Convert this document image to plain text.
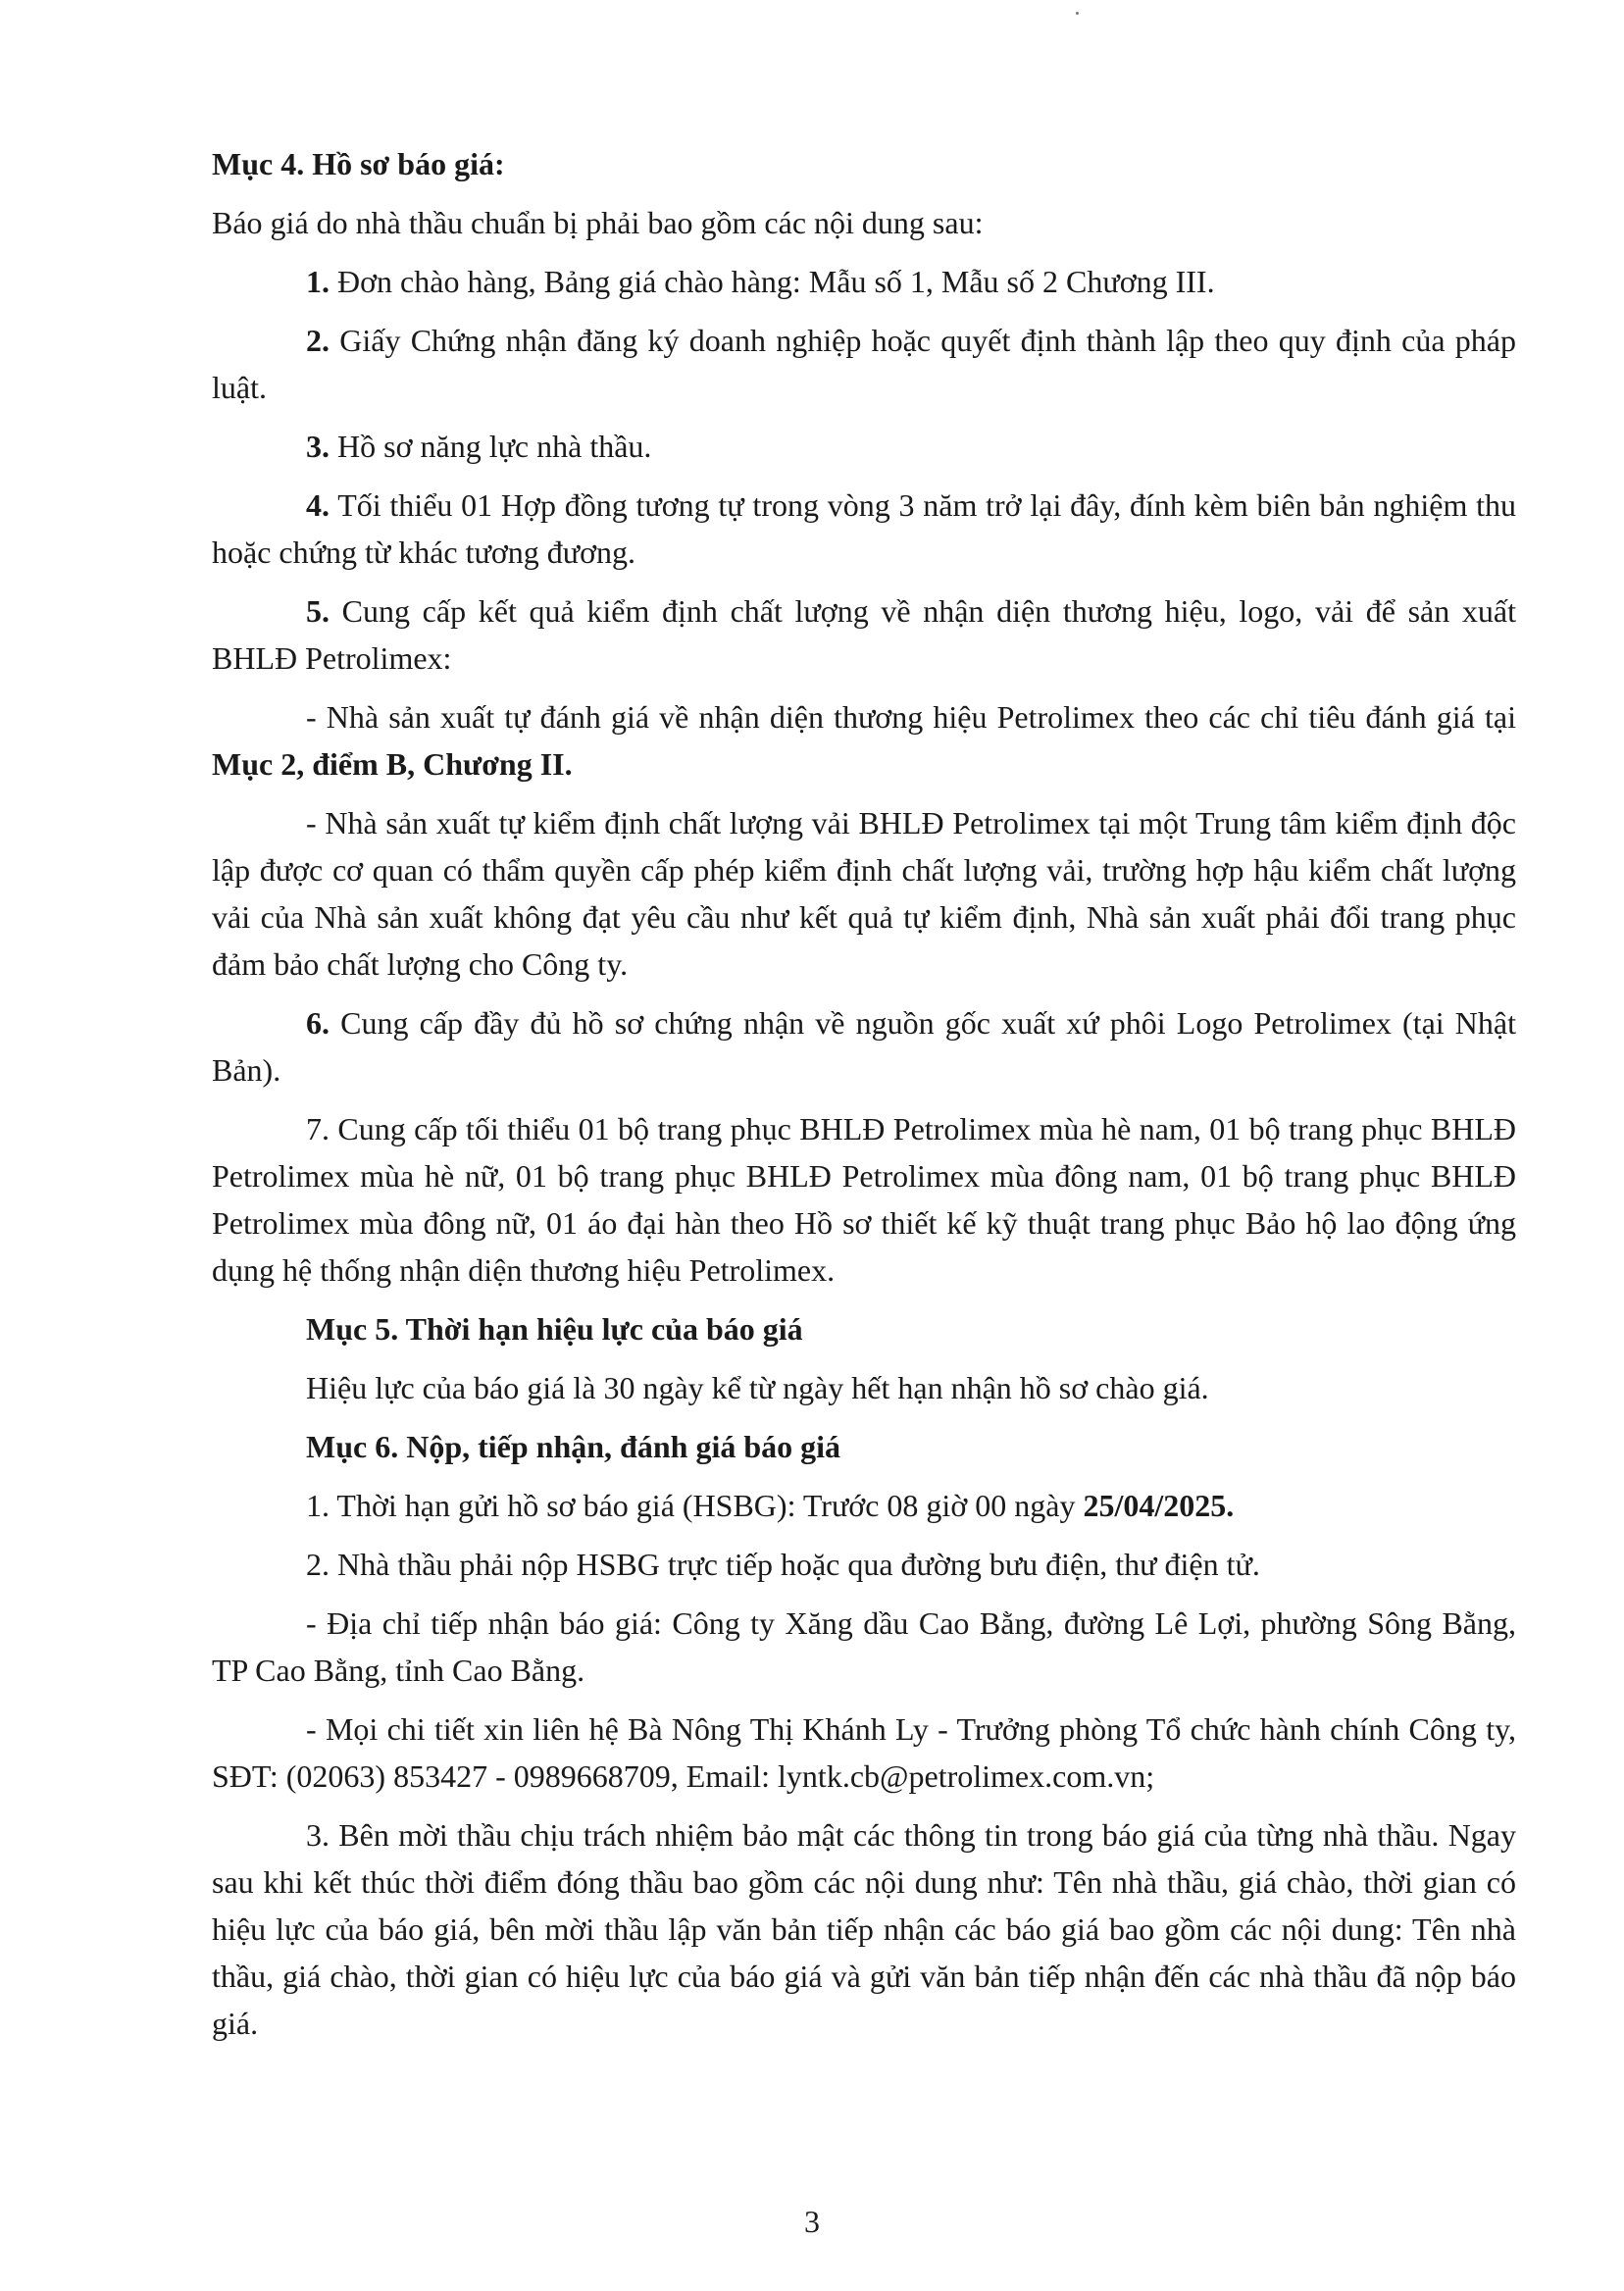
Mục 4. Hồ sơ báo giá:

Báo giá do nhà thầu chuẩn bị phải bao gồm các nội dung sau:

1. Đơn chào hàng, Bảng giá chào hàng: Mẫu số 1, Mẫu số 2 Chương III.

2. Giấy Chứng nhận đăng ký doanh nghiệp hoặc quyết định thành lập theo quy định của pháp luật.

3. Hồ sơ năng lực nhà thầu.

4. Tối thiểu 01 Hợp đồng tương tự trong vòng 3 năm trở lại đây, đính kèm biên bản nghiệm thu hoặc chứng từ khác tương đương.

5. Cung cấp kết quả kiểm định chất lượng về nhận diện thương hiệu, logo, vải để sản xuất BHLĐ Petrolimex:

- Nhà sản xuất tự đánh giá về nhận diện thương hiệu Petrolimex theo các chỉ tiêu đánh giá tại Mục 2, điểm B, Chương II.

- Nhà sản xuất tự kiểm định chất lượng vải BHLĐ Petrolimex tại một Trung tâm kiểm định độc lập được cơ quan có thẩm quyền cấp phép kiểm định chất lượng vải, trường hợp hậu kiểm chất lượng vải của Nhà sản xuất không đạt yêu cầu như kết quả tự kiểm định, Nhà sản xuất phải đổi trang phục đảm bảo chất lượng cho Công ty.

6. Cung cấp đầy đủ hồ sơ chứng nhận về nguồn gốc xuất xứ phôi Logo Petrolimex (tại Nhật Bản).

7. Cung cấp tối thiểu 01 bộ trang phục BHLĐ Petrolimex mùa hè nam, 01 bộ trang phục BHLĐ Petrolimex mùa hè nữ, 01 bộ trang phục BHLĐ Petrolimex mùa đông nam, 01 bộ trang phục BHLĐ Petrolimex mùa đông nữ, 01 áo đại hàn theo Hồ sơ thiết kế kỹ thuật trang phục Bảo hộ lao động ứng dụng hệ thống nhận diện thương hiệu Petrolimex.

Mục 5. Thời hạn hiệu lực của báo giá

Hiệu lực của báo giá là 30 ngày kể từ ngày hết hạn nhận hồ sơ chào giá.

Mục 6. Nộp, tiếp nhận, đánh giá báo giá

1. Thời hạn gửi hồ sơ báo giá (HSBG): Trước 08 giờ 00 ngày 25/04/2025.

2. Nhà thầu phải nộp HSBG trực tiếp hoặc qua đường bưu điện, thư điện tử.

- Địa chỉ tiếp nhận báo giá: Công ty Xăng dầu Cao Bằng, đường Lê Lợi, phường Sông Bằng, TP Cao Bằng, tỉnh Cao Bằng.

- Mọi chi tiết xin liên hệ Bà Nông Thị Khánh Ly - Trưởng phòng Tổ chức hành chính Công ty, SĐT: (02063) 853427 - 0989668709, Email: lyntk.cb@petrolimex.com.vn;

3. Bên mời thầu chịu trách nhiệm bảo mật các thông tin trong báo giá của từng nhà thầu. Ngay sau khi kết thúc thời điểm đóng thầu bao gồm các nội dung như: Tên nhà thầu, giá chào, thời gian có hiệu lực của báo giá, bên mời thầu lập văn bản tiếp nhận các báo giá bao gồm các nội dung: Tên nhà thầu, giá chào, thời gian có hiệu lực của báo giá và gửi văn bản tiếp nhận đến các nhà thầu đã nộp báo giá.

3
